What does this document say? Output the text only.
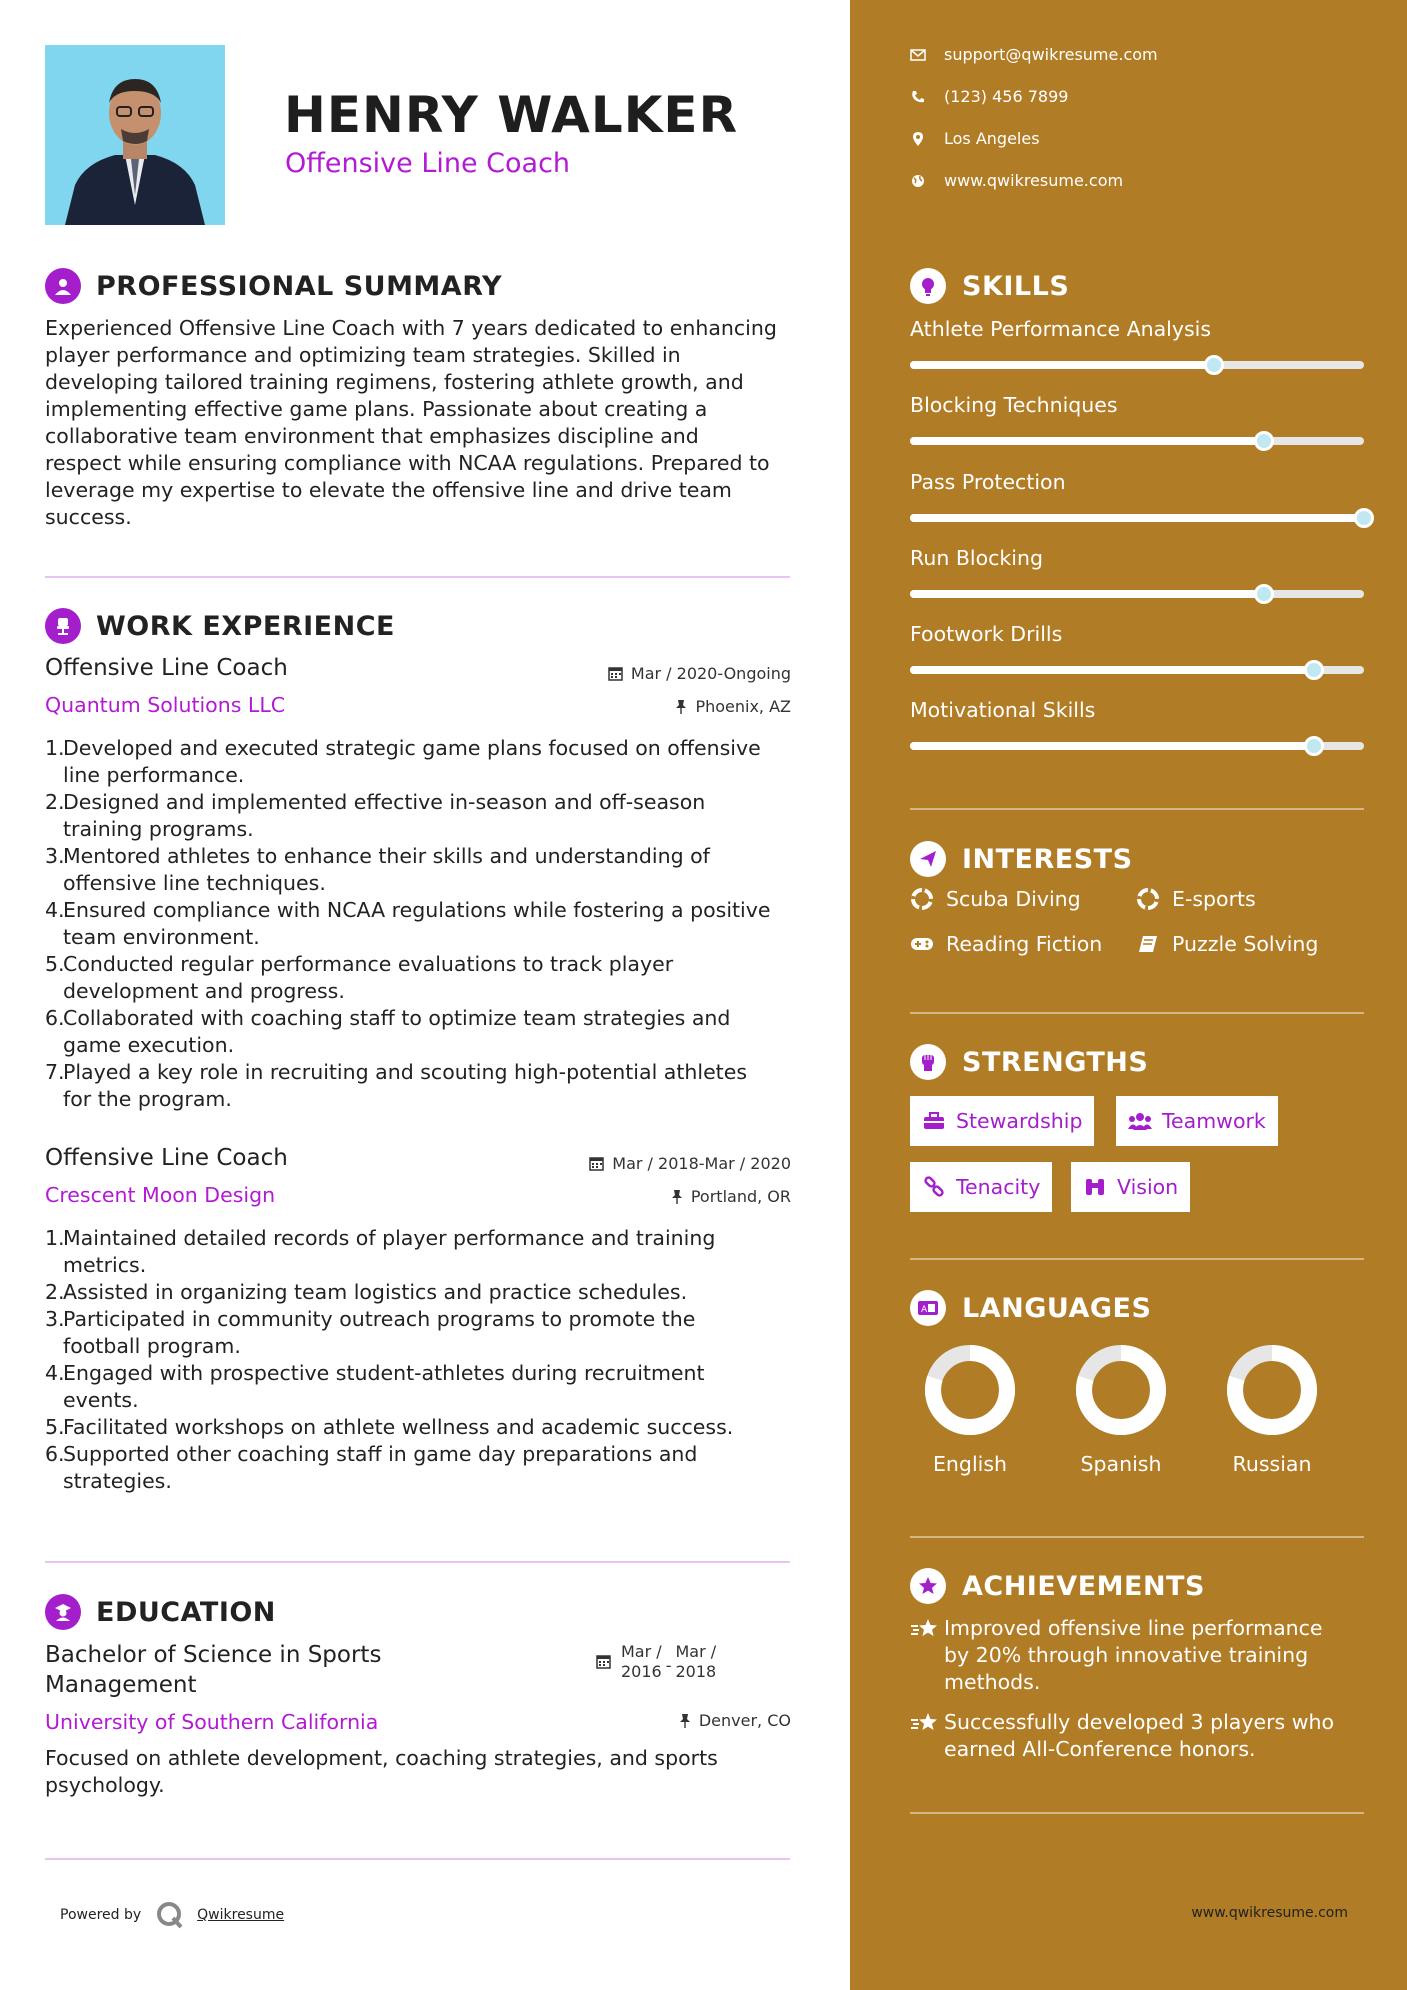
HENRY WALKER
Offensive Line Coach
PROFESSIONAL SUMMARY
Experienced Offensive Line Coach with 7 years dedicated to enhancing
player performance and optimizing team strategies. Skilled in
developing tailored training regimens, fostering athlete growth, and
implementing effective game plans. Passionate about creating a
collaborative team environment that emphasizes discipline and
respect while ensuring compliance with NCAA regulations. Prepared to
leverage my expertise to elevate the offensive line and drive team
success.
WORK EXPERIENCE
Offensive Line Coach	Mar / 2020-Ongoing
Quantum Solutions LLC	Phoenix, AZ
1.
Developed and executed strategic game plans focused on offensive
line performance.
2.
Designed and implemented effective in-season and off-season
training programs.
3.
Mentored athletes to enhance their skills and understanding of
offensive line techniques.
4.
Ensured compliance with NCAA regulations while fostering a positive
team environment.
5.
Conducted regular performance evaluations to track player
development and progress.
6.
Collaborated with coaching staff to optimize team strategies and
game execution.
7.
Played a key role in recruiting and scouting high-potential athletes
for the program.
Offensive Line Coach	Mar / 2018-Mar / 2020
Crescent Moon Design	Portland, OR
1.
Maintained detailed records of player performance and training
metrics.
2.
Assisted in organizing team logistics and practice schedules.
3.
Participated in community outreach programs to promote the
football program.
4.
Engaged with prospective student-athletes during recruitment
events.
5.
Facilitated workshops on athlete wellness and academic success.
6.
Supported other coaching staff in game day preparations and
strategies.
EDUCATION
Bachelor of Science in Sports
Management
Mar /
2016 -
Mar /
2018
University of Southern California	Denver, CO
Focused on athlete development, coaching strategies, and sports
psychology.
Powered by	Qwikresume
support@qwikresume.com
(123) 456 7899
Los Angeles
www.qwikresume.com
SKILLS
Athlete Performance Analysis
Blocking Techniques
Pass Protection
Run Blocking
Footwork Drills
Motivational Skills
INTERESTS
Scuba Diving	E-sports
Reading Fiction	Puzzle Solving
STRENGTHS
Stewardship	Teamwork
Tenacity	Vision
A LANGUAGES
English	Spanish	Russian
ACHIEVEMENTS
Improved offensive line performance
by 20% through innovative training
methods.
Successfully developed 3 players who
earned All-Conference honors.
www.qwikresume.com
